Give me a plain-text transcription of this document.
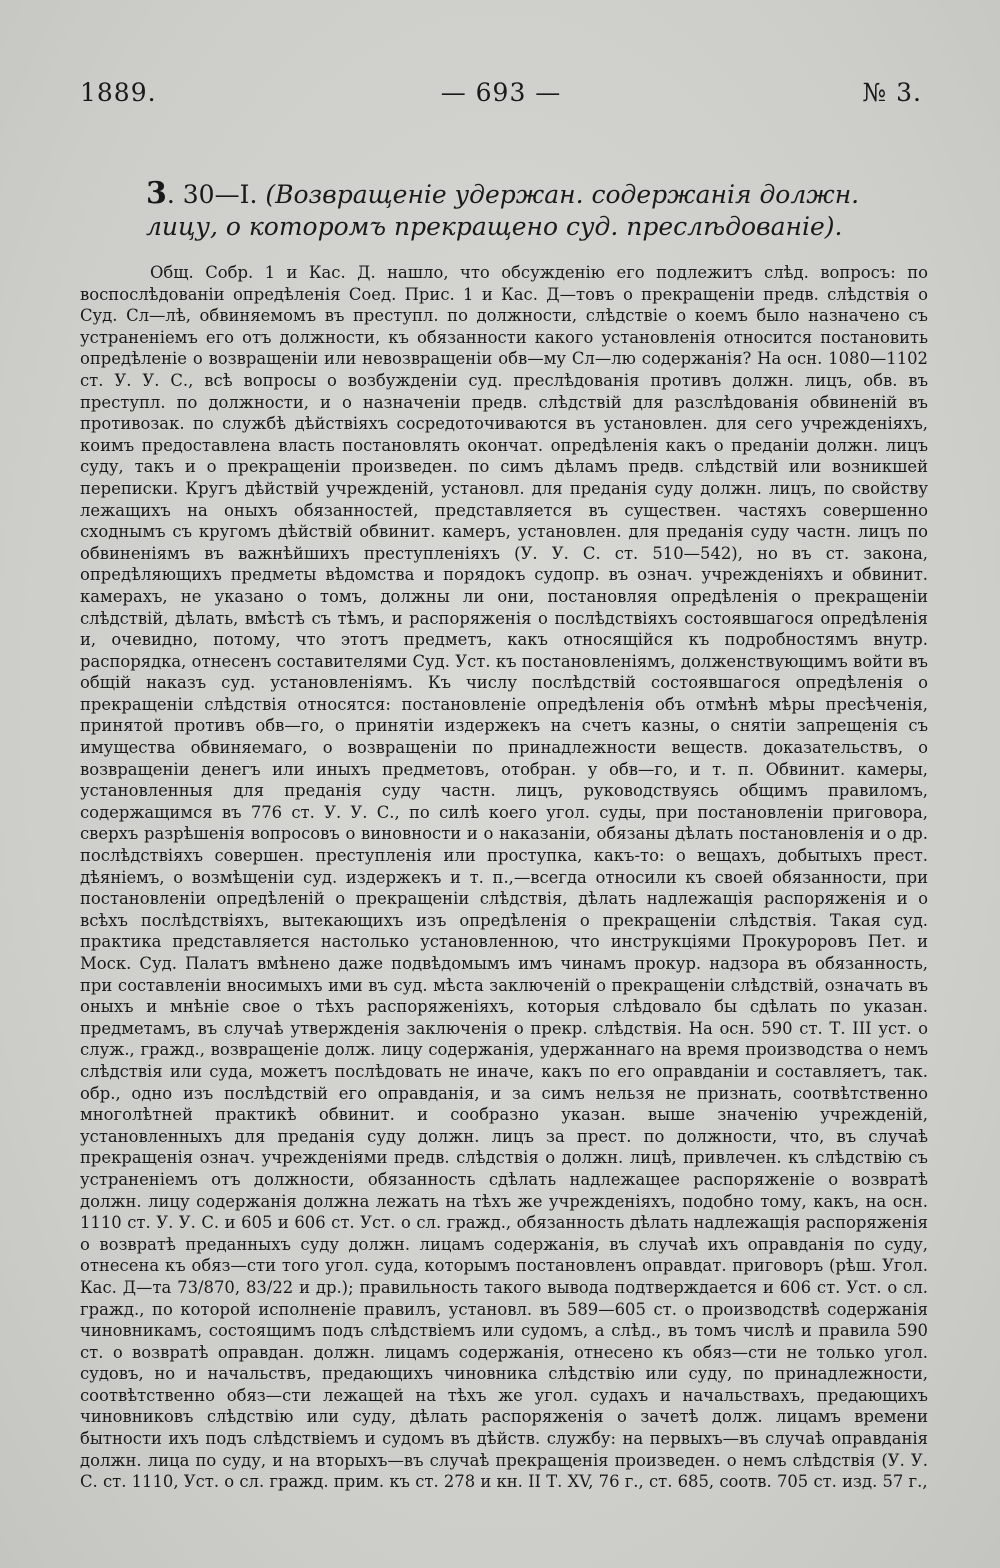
1889.	— 693 —	№ 3.
3. 30—I. (Возвращеніе удержан. содержанія должн. лицу, о которомъ прекращено суд. преслѣдованіе).
Общ. Собр. 1 и Кас. Д. нашло, что обсужденію его подлежитъ слѣд. вопросъ: по воспослѣдованіи опредѣленія Соед. Прис. 1 и Кас. Д—товъ о прекращеніи предв. слѣдствія о Суд. Сл—лѣ, обвиняемомъ въ преступл. по должности, слѣдствіе о коемъ было назначено съ устраненіемъ его отъ должности, къ обязанности какого установленія относится постановить опредѣленіе о возвращеніи или невозвращеніи обв—му Сл—лю содержанія? На осн. 1080—1102 ст. У. У. С., всѣ вопросы о возбужденіи суд. преслѣдованія противъ должн. лицъ, обв. въ преступл. по должности, и о назначеніи предв. слѣдствій для разслѣдованія обвиненій въ противозак. по службѣ дѣйствіяхъ сосредоточиваются въ установлен. для сего учрежденіяхъ, коимъ предоставлена власть постановлять окончат. опредѣленія какъ о преданіи должн. лицъ суду, такъ и о прекращеніи произведен. по симъ дѣламъ предв. слѣдствій или возникшей переписки. Кругъ дѣйствій учрежденій, установл. для преданія суду должн. лицъ, по свойству лежащихъ на оныхъ обязанностей, представляется въ существен. частяхъ совершенно сходнымъ съ кругомъ дѣйствій обвинит. камеръ, установлен. для преданія суду частн. лицъ по обвиненіямъ въ важнѣйшихъ преступленіяхъ (У. У. С. ст. 510—542), но въ ст. закона, опредѣляющихъ предметы вѣдомства и порядокъ судопр. въ означ. учрежденіяхъ и обвинит. камерахъ, не указано о томъ, должны ли они, постановляя опредѣленія о прекращеніи слѣдствій, дѣлать, вмѣстѣ съ тѣмъ, и распоряженія о послѣдствіяхъ состоявшагося опредѣленія и, очевидно, потому, что этотъ предметъ, какъ относящійся къ подробностямъ внутр. распорядка, отнесенъ составителями Суд. Уст. къ постановленіямъ, долженствующимъ войти въ общій наказъ суд. установленіямъ. Къ числу послѣдствій состоявшагося опредѣленія о прекращеніи слѣдствія относятся: постановленіе опредѣленія объ отмѣнѣ мѣры пресѣченія, принятой противъ обв—го, о принятіи издержекъ на счетъ казны, о снятіи запрещенія съ имущества обвиняемаго, о возвращеніи по принадлежности веществ. доказательствъ, о возвращеніи денегъ или иныхъ предметовъ, отобран. у обв—го, и т. п. Обвинит. камеры, установленныя для преданія суду частн. лицъ, руководствуясь общимъ правиломъ, содержащимся въ 776 ст. У. У. С., по силѣ коего угол. суды, при постановленіи приговора, сверхъ разрѣшенія вопросовъ о виновности и о наказаніи, обязаны дѣлать постановленія и о др. послѣдствіяхъ совершен. преступленія или проступка, какъ-то: о вещахъ, добытыхъ прест. дѣяніемъ, о возмѣщеніи суд. издержекъ и т. п.,—всегда относили къ своей обязанности, при постановленіи опредѣленій о прекращеніи слѣдствія, дѣлать надлежащія распоряженія и о всѣхъ послѣдствіяхъ, вытекающихъ изъ опредѣленія о прекращеніи слѣдствія. Такая суд. практика представляется настолько установленною, что инструкціями Прокуроровъ Пет. и Моск. Суд. Палатъ вмѣнено даже подвѣдомымъ имъ чинамъ прокур. надзора въ обязанность, при составленіи вносимыхъ ими въ суд. мѣста заключеній о прекращеніи слѣдствій, означать въ оныхъ и мнѣніе свое о тѣхъ распоряженіяхъ, которыя слѣдовало бы сдѣлать по указан. предметамъ, въ случаѣ утвержденія заключенія о прекр. слѣдствія. На осн. 590 ст. Т. III уст. о служ., гражд., возвращеніе долж. лицу содержанія, удержаннаго на время производства о немъ слѣдствія или суда, можетъ послѣдовать не иначе, какъ по его оправданіи и составляетъ, так. обр., одно изъ послѣдствій его оправданія, и за симъ нельзя не признать, соотвѣтственно многолѣтней практикѣ обвинит. и сообразно указан. выше значенію учрежденій, установленныхъ для преданія суду должн. лицъ за прест. по должности, что, въ случаѣ прекращенія означ. учрежденіями предв. слѣдствія о должн. лицѣ, привлечен. къ слѣдствію съ устраненіемъ отъ должности, обязанность сдѣлать надлежащее распоряженіе о возвратѣ должн. лицу содержанія должна лежать на тѣхъ же учрежденіяхъ, подобно тому, какъ, на осн. 1110 ст. У. У. С. и 605 и 606 ст. Уст. о сл. гражд., обязанность дѣлать надлежащія распоряженія о возвратѣ преданныхъ суду должн. лицамъ содержанія, въ случаѣ ихъ оправданія по суду, отнесена къ обяз—сти того угол. суда, которымъ постановленъ оправдат. приговоръ (рѣш. Угол. Кас. Д—та 73/870, 83/22 и др.); правильность такого вывода подтверждается и 606 ст. Уст. о сл. гражд., по которой исполненіе правилъ, установл. въ 589—605 ст. о производствѣ содержанія чиновникамъ, состоящимъ подъ слѣдствіемъ или судомъ, а слѣд., въ томъ числѣ и правила 590 ст. о возвратѣ оправдан. должн. лицамъ содержанія, отнесено къ обяз—сти не только угол. судовъ, но и начальствъ, предающихъ чиновника слѣдствію или суду, по принадлежности, соотвѣтственно обяз—сти лежащей на тѣхъ же угол. судахъ и начальствахъ, предающихъ чиновниковъ слѣдствію или суду, дѣлать распоряженія о зачетѣ долж. лицамъ времени бытности ихъ подъ слѣдствіемъ и судомъ въ дѣйств. службу: на первыхъ—въ случаѣ оправданія должн. лица по суду, и на вторыхъ—въ случаѣ прекращенія произведен. о немъ слѣдствія (У. У. С. ст. 1110, Уст. о сл. гражд. прим. къ ст. 278 и кн. II Т. XV, 76 г., ст. 685, соотв. 705 ст. изд. 57 г.,
